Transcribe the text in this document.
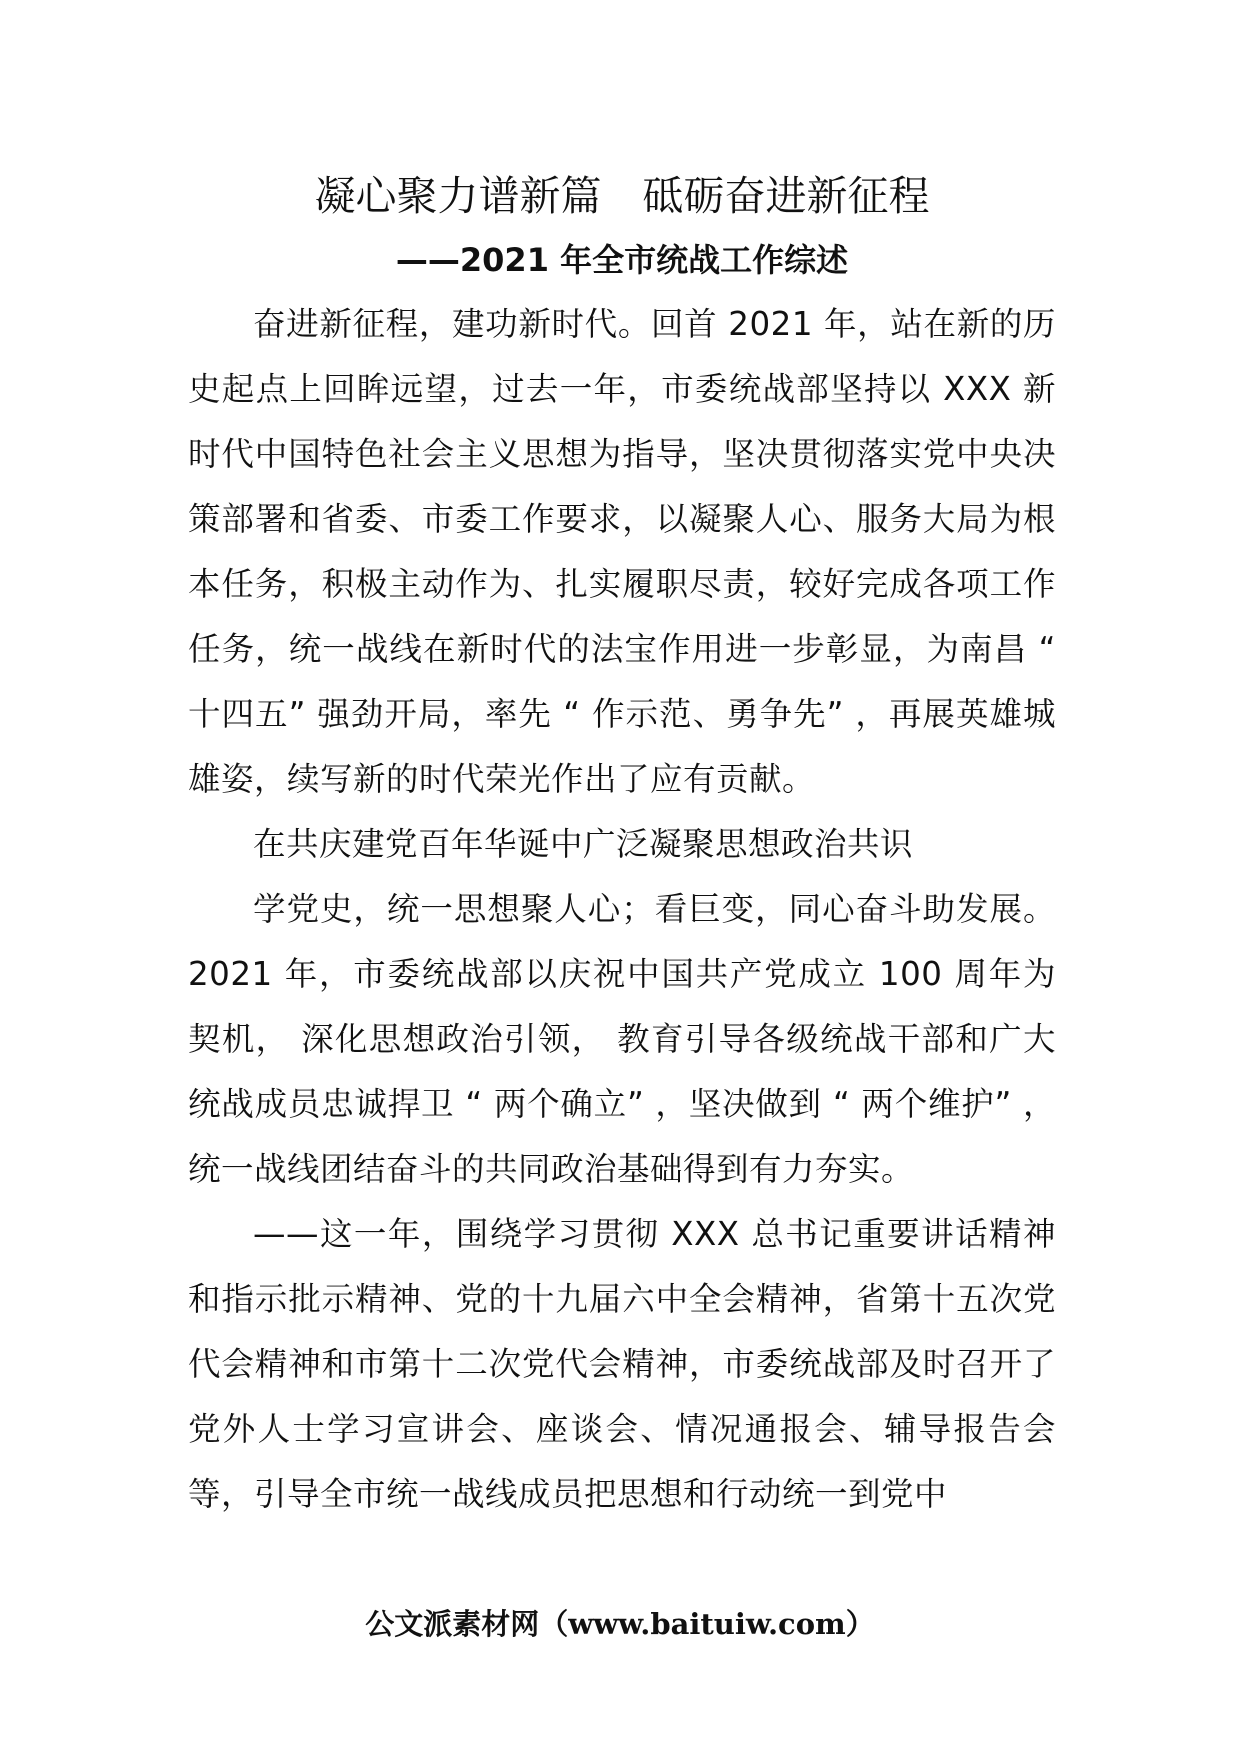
凝心聚力谱新篇　砥砺奋进新征程
——2021 年全市统战工作综述

奋进新征程，建功新时代。回首 2021 年，站在新的历史起点上回眸远望，过去一年，市委统战部坚持以 XXX 新时代中国特色社会主义思想为指导，坚决贯彻落实党中央决策部署和省委、市委工作要求，以凝聚人心、服务大局为根本任务，积极主动作为、扎实履职尽责，较好完成各项工作任务，统一战线在新时代的法宝作用进一步彰显，为南昌 “ 十四五” 强劲开局，率先 “ 作示范、勇争先” ，再展英雄城雄姿，续写新的时代荣光作出了应有贡献。

在共庆建党百年华诞中广泛凝聚思想政治共识

学党史，统一思想聚人心；看巨变，同心奋斗助发展。2021 年，市委统战部以庆祝中国共产党成立 100 周年为契机， 深化思想政治引领， 教育引导各级统战干部和广大统战成员忠诚捍卫 “ 两个确立” ，坚决做到 “ 两个维护” ，统一战线团结奋斗的共同政治基础得到有力夯实。

——这一年，围绕学习贯彻 XXX 总书记重要讲话精神和指示批示精神、党的十九届六中全会精神，省第十五次党代会精神和市第十二次党代会精神，市委统战部及时召开了党外人士学习宣讲会、座谈会、情况通报会、辅导报告会等，引导全市统一战线成员把思想和行动统一到党中

公文派素材网（www.baituiw.com）
